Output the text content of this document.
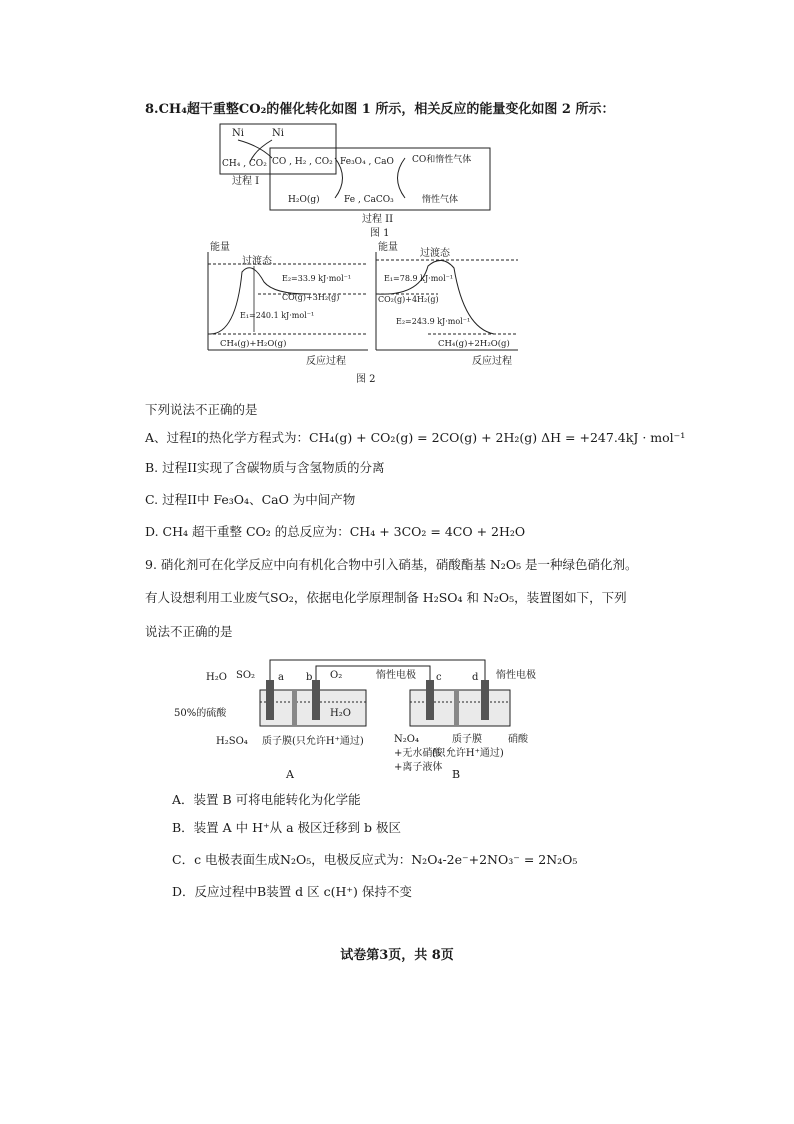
8.CH₄超干重整CO₂的催化转化如图 1 所示，相关反应的能量变化如图 2 所示：
Ni	Ni
CH₄ , CO₂ CO , H₂ , CO₂
过程 I
Fe₃O₄ , CaO CO和惰性气体
H₂O(g)	Fe , CaCO₃	惰性气体
过程 II
图 1
能量
过渡态
E₂=33.9 kJ·mol⁻¹
CO(g)+3H₂(g)
E₁=240.1 kJ·mol⁻¹
CH₄(g)+H₂O(g)
反应过程
能量
过渡态
E₁=78.9 kJ·mol⁻¹
CO₂(g)+4H₂(g)
E₂=243.9 kJ·mol⁻¹
CH₄(g)+2H₂O(g)
反应过程
图 2
下列说法不正确的是
A、过程I的热化学方程式为：CH₄(g) + CO₂(g) = 2CO(g) + 2H₂(g) ΔH = +247.4kJ · mol⁻¹
B. 过程II实现了含碳物质与含氢物质的分离
C. 过程II中 Fe₃O₄、CaO 为中间产物
D. CH₄ 超干重整 CO₂ 的总反应为：CH₄ + 3CO₂ = 4CO + 2H₂O
9. 硝化剂可在化学反应中向有机化合物中引入硝基，硝酸酯基 N₂O₅ 是一种绿色硝化剂。
有人设想利用工业废气SO₂，依据电化学原理制备 H₂SO₄ 和 N₂O₅，装置图如下，下列
说法不正确的是
H₂O SO₂ a b O₂	惰性电极 c	d 惰性电极
50%的硫酸	H₂O
H₂SO₄ 质子膜(只允许H⁺通过)	N₂O₄
+无水硝酸
+离子液体
质子膜
(只允许H⁺通过)
硝酸
A	B
A．装置 B 可将电能转化为化学能
B．装置 A 中 H⁺从 a 极区迁移到 b 极区
C．c 电极表面生成N₂O₅，电极反应式为：N₂O₄-2e⁻+2NO₃⁻ = 2N₂O₅
D．反应过程中B装置 d 区 c(H⁺) 保持不变
试卷第3页，共 8页
